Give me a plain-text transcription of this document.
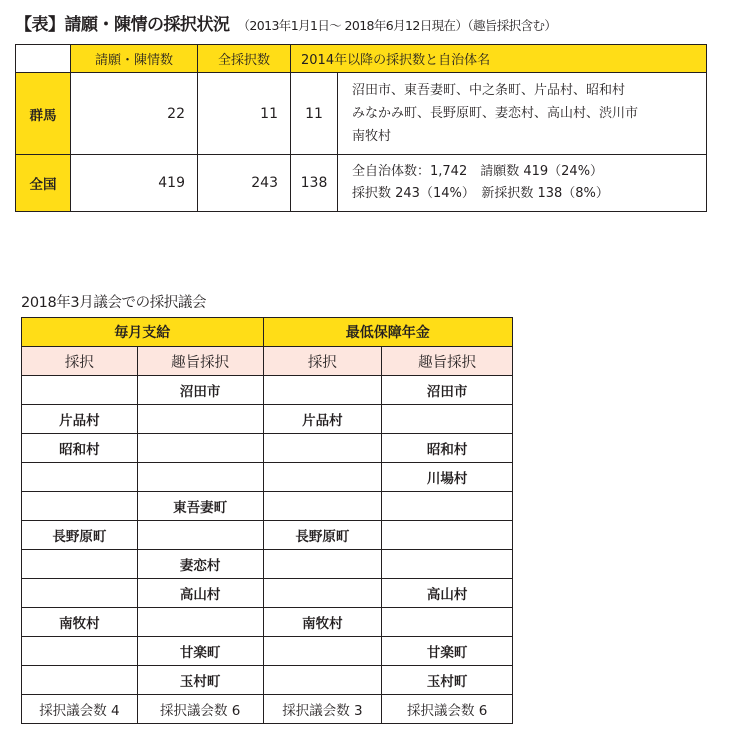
【表】請願・陳情の採択状況 （2013年1月1日～ 2018年6月12日現在）（趣旨採択含む）
	請願・陳情数	全採択数	2014年以降の採択数と自治体名	
群馬	22	11	11	沼田市、東吾妻町、中之条町、片品村、昭和村
みなかみ町、長野原町、妻恋村、高山村、渋川市
南牧村

全国	419	243	138	全自治体数：1,742　請願数 419（24%）
採択数 243（14%）　新採択数 138（8%）
2018年3月議会での採択議会
毎月支給		最低保障年金	
採択	趣旨採択	採択	趣旨採択
	沼田市		沼田市
片品村		片品村	
昭和村			昭和村
			川場村
	東吾妻町		
長野原町		長野原町	
	妻恋村		
	高山村		高山村
南牧村		南牧村	
	甘楽町		甘楽町
	玉村町		玉村町
採択議会数 4	採択議会数 6	採択議会数 3	採択議会数 6
